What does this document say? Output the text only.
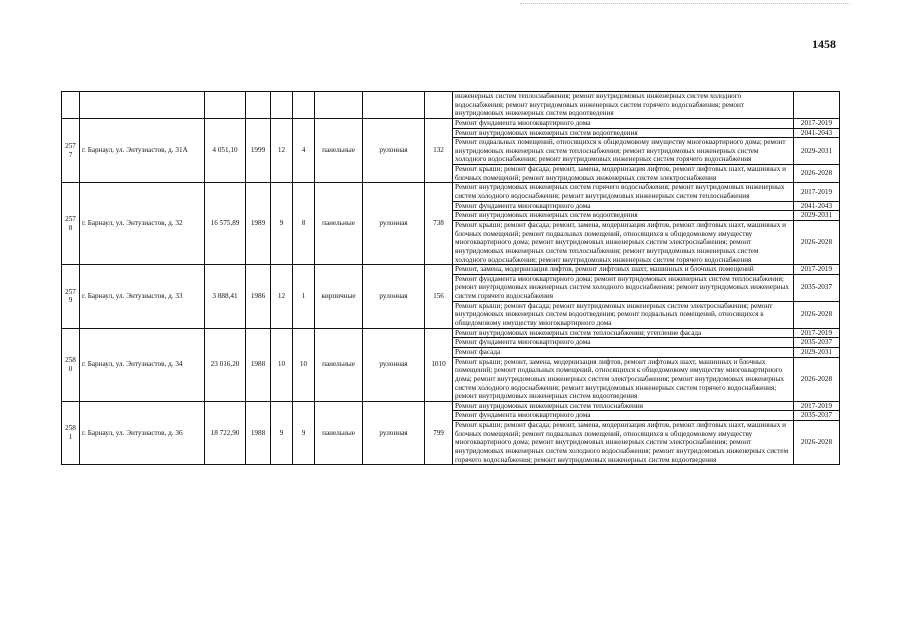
1458
									инженерных систем теплоснабжения; ремонт внутридомовых инженерных систем холодного водоснабжения; ремонт внутридомовых инженерных систем горячего водоснабжения; ремонт внутридомовых инженерных систем водоотведения	
257 7	г. Барнаул, ул. Энтузиастов, д. 31А	4 051,10	1999	12	4	панельные	рулонная	132	Ремонт фундамента многоквартирного дома	2017-2019
									Ремонт внутридомовых инженерных систем водоотведения	2041-2043
									Ремонт подвальных помещений, относящихся к общедомовому имуществу многоквартирного дома; ремонт внутридомовых инженерных систем теплоснабжения; ремонт внутридомовых инженерных систем холодного водоснабжения; ремонт внутридомовых инженерных систем горячего водоснабжения	2029-2031
									Ремонт крыши; ремонт фасада; ремонт, замена, модернизация лифтов, ремонт лифтовых шахт, машинных и блочных помещений; ремонт внутридомовых инженерных систем электроснабжения	2026-2028
257 8	г. Барнаул, ул. Энтузиастов, д. 32	16 575,89	1989	9	8	панельные	рулонная	738	Ремонт внутридомовых инженерных систем горячего водоснабжения; ремонт внутридомовых инженерных систем холодного водоснабжения; ремонт внутридомовых инженерных систем теплоснабжения	2017-2019
									Ремонт фундамента многоквартирного дома	2041-2043
									Ремонт внутридомовых инженерных систем водоотведения	2029-2031
									Ремонт крыши; ремонт фасада; ремонт, замена, модернизация лифтов, ремонт лифтовых шахт, машинных и блочных помещений; ремонт подвальных помещений, относящихся к общедомовому имуществу многоквартирного дома; ремонт внутридомовых инженерных систем электроснабжения; ремонт внутридомовых инженерных систем теплоснабжения; ремонт внутридомовых инженерных систем холодного водоснабжения; ремонт внутридомовых инженерных систем горячего водоснабжения	2026-2028
257 9	г. Барнаул, ул. Энтузиастов, д. 33	3 888,41	1986	12	1	кирпичные	рулонная	156	Ремонт, замена, модернизация лифтов, ремонт лифтовых шахт, машинных и блочных помещений	2017-2019
									Ремонт фундамента многоквартирного дома; ремонт внутридомовых инженерных систем теплоснабжения; ремонт внутридомовых инженерных систем холодного водоснабжения; ремонт внутридомовых инженерных систем горячего водоснабжения	2035-2037
									Ремонт крыши; ремонт фасада; ремонт внутридомовых инженерных систем электроснабжения; ремонт внутридомовых инженерных систем водоотведения; ремонт подвальных помещений, относящихся к общедомовому имуществу многоквартирного дома	2026-2028
258 0	г. Барнаул, ул. Энтузиастов, д. 34	23 016,20	1988	10	10	панельные	рулонная	1010	Ремонт внутридомовых инженерных систем теплоснабжения; утепление фасада	2017-2019
									Ремонт фундамента многоквартирного дома	2035-2037
									Ремонт фасада	2029-2031
									Ремонт крыши; ремонт, замена, модернизация лифтов, ремонт лифтовых шахт, машинных и блочных помещений; ремонт подвальных помещений, относящихся к общедомовому имуществу многоквартирного дома; ремонт внутридомовых инженерных систем электроснабжения; ремонт внутридомовых инженерных систем холодного водоснабжения; ремонт внутридомовых инженерных систем горячего водоснабжения; ремонт внутридомовых инженерных систем водоотведения	2026-2028
258 1	г. Барнаул, ул. Энтузиастов, д. 36	18 722,90	1988	9	9	панельные	рулонная	799	Ремонт внутридомовых инженерных систем теплоснабжения	2017-2019
									Ремонт фундамента многоквартирного дома	2035-2037
									Ремонт крыши; ремонт фасада; ремонт, замена, модернизация лифтов, ремонт лифтовых шахт, машинных и блочных помещений; ремонт подвальных помещений, относящихся к общедомовому имуществу многоквартирного дома; ремонт внутридомовых инженерных систем электроснабжения; ремонт внутридомовых инженерных систем холодного водоснабжения; ремонт внутридомовых инженерных систем горячего водоснабжения; ремонт внутридомовых инженерных систем водоотведения	2026-2028
